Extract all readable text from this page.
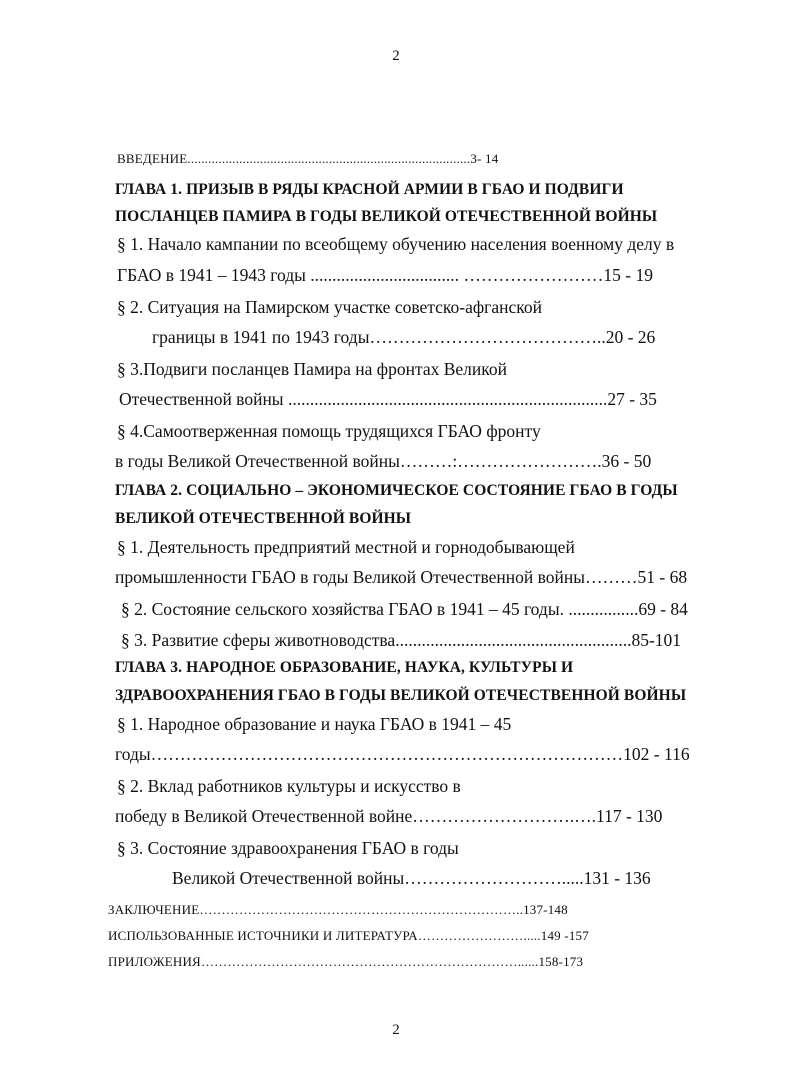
2
ВВЕДЕНИЕ..................................................................................3- 14
ГЛАВА 1. ПРИЗЫВ В РЯДЫ КРАСНОЙ АРМИИ В ГБАО И ПОДВИГИ
ПОСЛАНЦЕВ ПАМИРА В ГОДЫ ВЕЛИКОЙ ОТЕЧЕСТВЕННОЙ ВОЙНЫ
§ 1. Начало кампании по всеобщему обучению населения военному делу в
ГБАО в 1941 – 1943 годы .................................. ……………………15 - 19
§ 2. Ситуация на Памирском участке советско-афганской
границы в 1941 по 1943 годы…………………………………..20 - 26
§ 3.Подвиги посланцев Памира на фронтах Великой
Отечественной войны .........................................................................27 - 35
§ 4.Самоотверженная помощь трудящихся ГБАО фронту
в годы Великой Отечественной войны………:…………………….36 - 50
ГЛАВА 2. СОЦИАЛЬНО – ЭКОНОМИЧЕСКОЕ СОСТОЯНИЕ ГБАО В ГОДЫ
ВЕЛИКОЙ ОТЕЧЕСТВЕННОЙ ВОЙНЫ
§ 1. Деятельность предприятий местной и горнодобывающей
промышленности ГБАО в годы Великой Отечественной войны………51 - 68
§ 2. Состояние сельского хозяйства ГБАО в 1941 – 45 годы. ................69 - 84
§ 3. Развитие сферы животноводства......................................................85-101
ГЛАВА 3. НАРОДНОЕ ОБРАЗОВАНИЕ, НАУКА, КУЛЬТУРЫ И
ЗДРАВООХРАНЕНИЯ ГБАО В ГОДЫ ВЕЛИКОЙ ОТЕЧЕСТВЕННОЙ ВОЙНЫ
§ 1. Народное образование и наука ГБАО в 1941 – 45
годы………………………………………………………………………102 - 116
§ 2. Вклад работников культуры и искусство в
победу в Великой Отечественной войне……………………….….117 - 130
§ 3. Состояние здравоохранения ГБАО в годы
Великой Отечественной войны……………………….....131 - 136
ЗАКЛЮЧЕНИЕ………………………………………………………………..137-148
ИСПОЛЬЗОВАННЫЕ ИСТОЧНИКИ И ЛИТЕРАТУРА…………………….....149 -157
ПРИЛОЖЕНИЯ………………………………………………………………......158-173
2
